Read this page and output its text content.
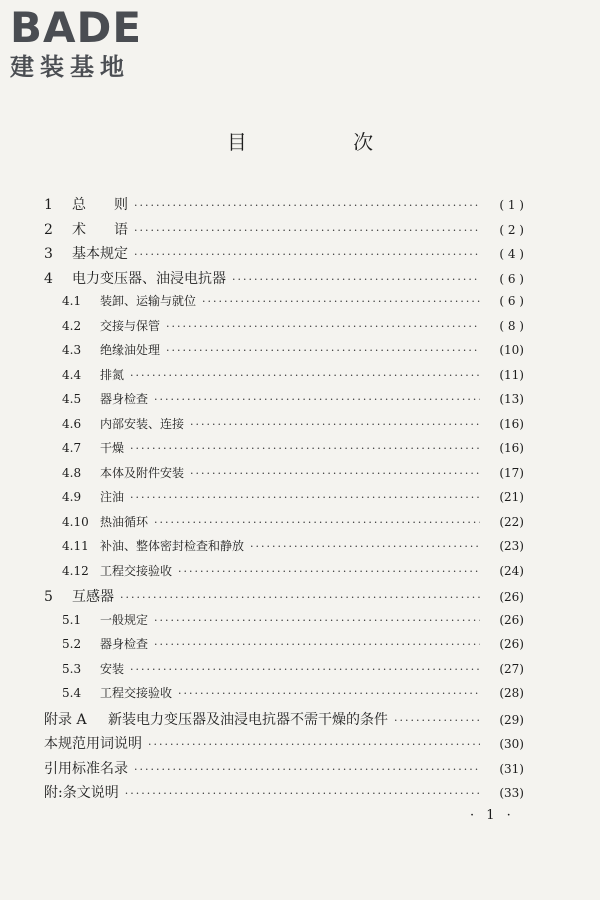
BADE
建装基地
目 次
1	总　　则 ·····	( 1 )
2	术　　语 ·····	( 2 )
3	基本规定 ·····	( 4 )
4	电力变压器、油浸电抗器 ·····	( 6 )
4.1	装卸、运输与就位 ·····	( 6 )
4.2	交接与保管 ·····	( 8 )
4.3	绝缘油处理 ·····	(10)
4.4	排氮 ·····	(11)
4.5	器身检查 ·····	(13)
4.6	内部安装、连接 ·····	(16)
4.7	干燥 ·····	(16)
4.8	本体及附件安装 ·····	(17)
4.9	注油 ·····	(21)
4.10 热油循环 ·····	(22)
4.11 补油、整体密封检查和静放 ·····	(23)
4.12 工程交接验收 ·····	(24)
5	互感器 ·····	(26)
5.1	一般规定 ·····	(26)
5.2	器身检查 ·····	(26)
5.3	安装 ·····	(27)
5.4	工程交接验收 ·····	(28)
附录 A	新装电力变压器及油浸电抗器不需干燥的条件 ·····	(29)
本规范用词说明 ·····	(30)
引用标准名录 ·····	(31)
附:条文说明 ·····	(33)
· 1 ·
